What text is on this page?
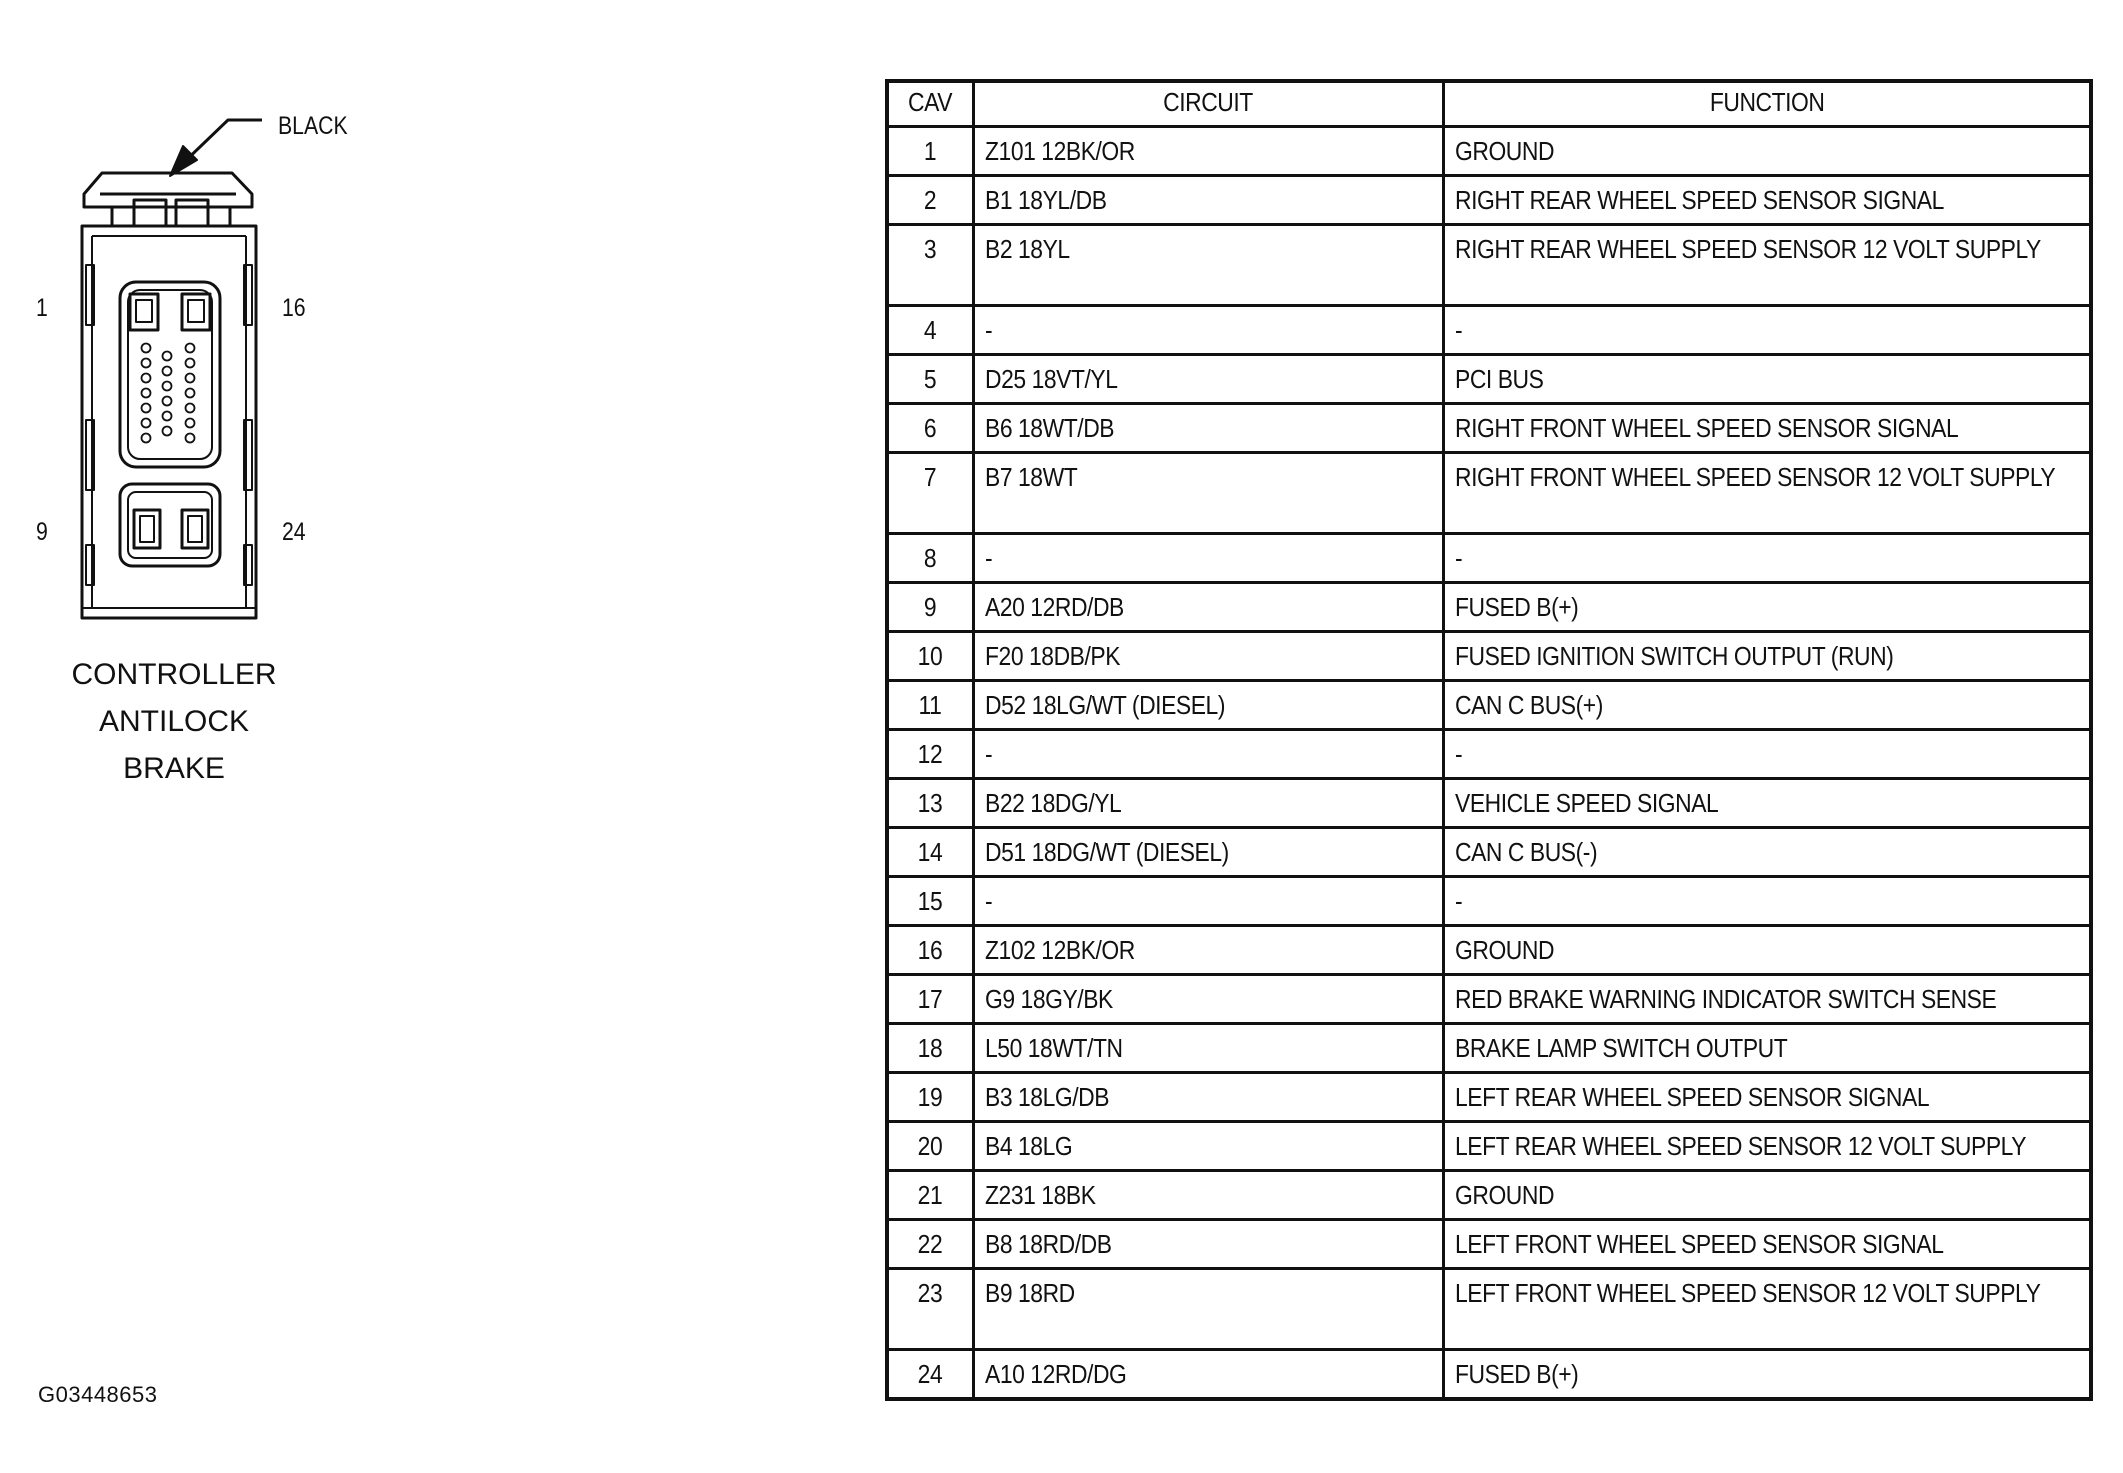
BLACK
1	16
9	24
CONTROLLER
ANTILOCK
BRAKE
CAV	CIRCUIT	FUNCTION
1	Z101 12BK/OR	GROUND
2	B1 18YL/DB	RIGHT REAR WHEEL SPEED SENSOR SIGNAL
3	B2 18YL	RIGHT REAR WHEEL SPEED SENSOR 12 VOLT SUPPLY
4	-	-
5	D25 18VT/YL	PCI BUS
6	B6 18WT/DB	RIGHT FRONT WHEEL SPEED SENSOR SIGNAL
7	B7 18WT	RIGHT FRONT WHEEL SPEED SENSOR 12 VOLT SUPPLY
8	-	-
9	A20 12RD/DB	FUSED B(+)
10	F20 18DB/PK	FUSED IGNITION SWITCH OUTPUT (RUN)
11	D52 18LG/WT (DIESEL)	CAN C BUS(+)
12	-	-
13	B22 18DG/YL	VEHICLE SPEED SIGNAL
14	D51 18DG/WT (DIESEL)	CAN C BUS(-)
15	-	-
16	Z102 12BK/OR	GROUND
17	G9 18GY/BK	RED BRAKE WARNING INDICATOR SWITCH SENSE
18	L50 18WT/TN	BRAKE LAMP SWITCH OUTPUT
19	B3 18LG/DB	LEFT REAR WHEEL SPEED SENSOR SIGNAL
20	B4 18LG	LEFT REAR WHEEL SPEED SENSOR 12 VOLT SUPPLY
21	Z231 18BK	GROUND
22	B8 18RD/DB	LEFT FRONT WHEEL SPEED SENSOR SIGNAL
23	B9 18RD	LEFT FRONT WHEEL SPEED SENSOR 12 VOLT SUPPLY
24	A10 12RD/DG	FUSED B(+)
G03448653
